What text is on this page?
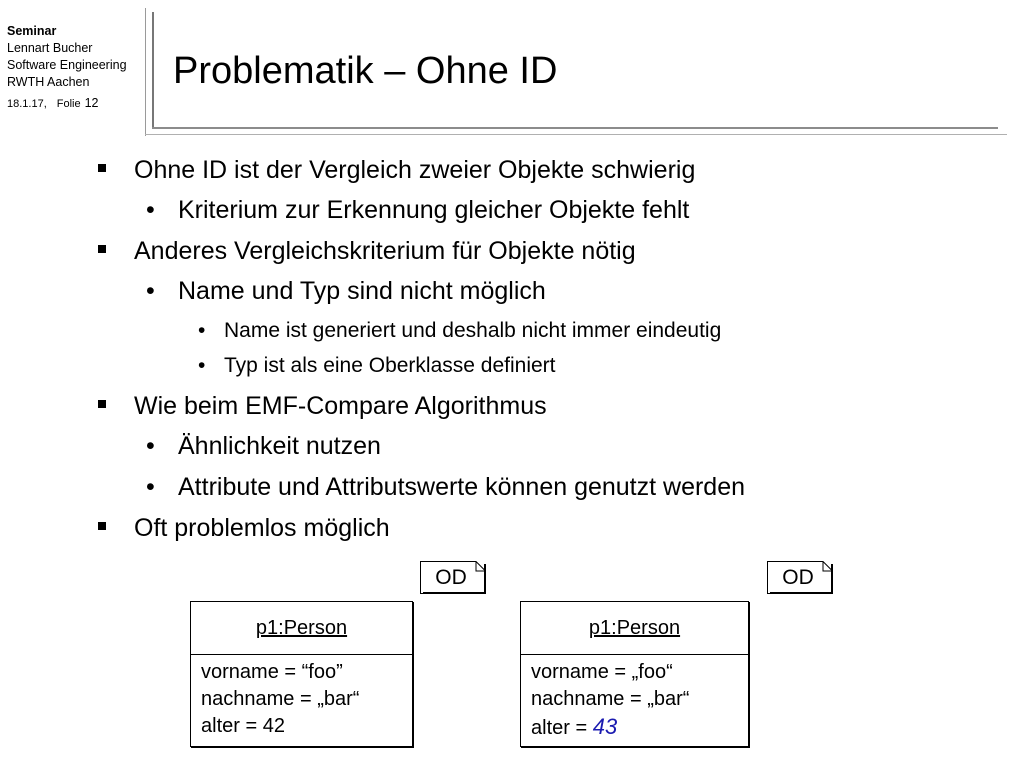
Seminar
Lennart Bucher
Software Engineering
RWTH Aachen
18.1.17, Folie 12
Problematik – Ohne ID
Ohne ID ist der Vergleich zweier Objekte schwierig
• Kriterium zur Erkennung gleicher Objekte fehlt
Anderes Vergleichskriterium für Objekte nötig
• Name und Typ sind nicht möglich
• Name ist generiert und deshalb nicht immer eindeutig
• Typ ist als eine Oberklasse definiert
Wie beim EMF-Compare Algorithmus
• Ähnlichkeit nutzen
• Attribute und Attributswerte können genutzt werden
Oft problemlos möglich
OD	OD
p1:Person
vorname = “foo”
nachname = „bar“
alter = 42
p1:Person
vorname = „foo“
nachname = „bar“
alter = 43
